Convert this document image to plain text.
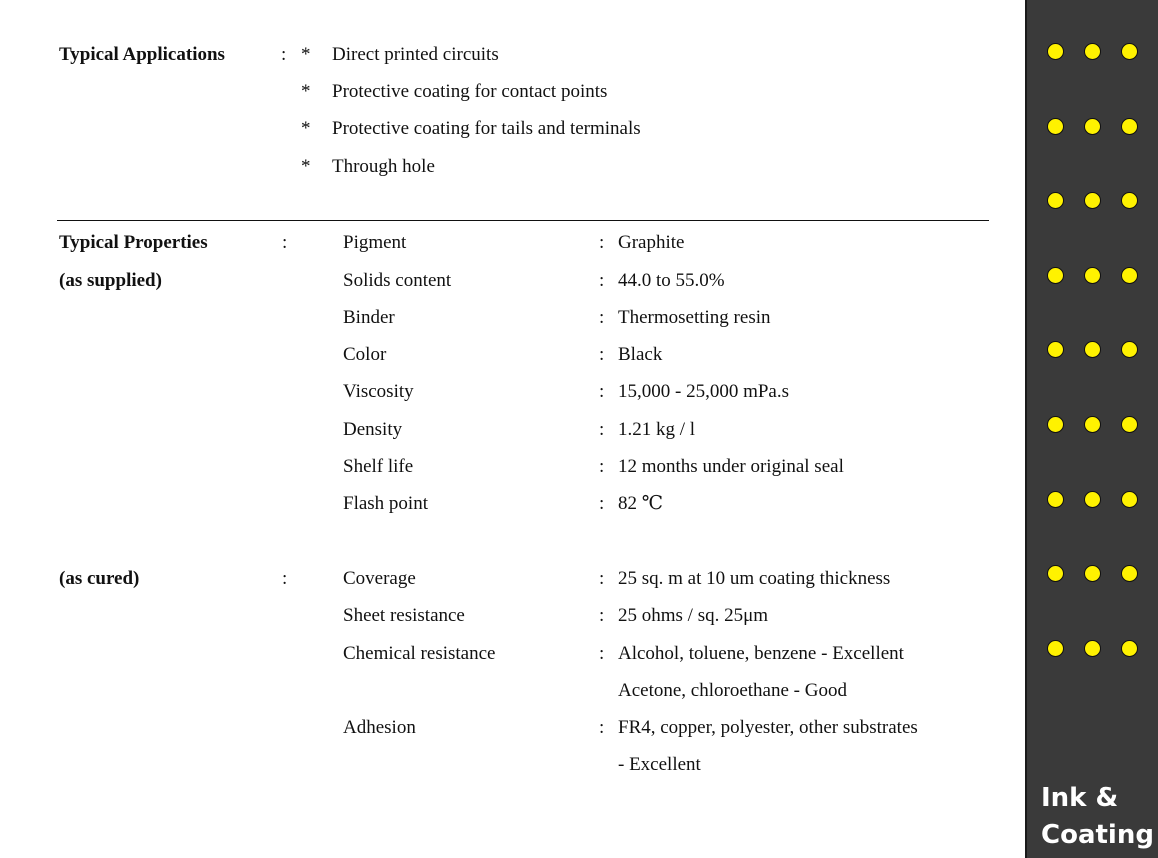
Typical Applications	: * Direct printed circuits
* Protective coating for contact points
* Protective coating for tails and terminals
* Through hole
Typical Properties	:
(as supplied)
Pigment	: Graphite
Solids content	: 44.0 to 55.0%
Binder	: Thermosetting resin
Color	: Black
Viscosity	: 15,000 - 25,000 mPa.s
Density	: 1.21 kg / l
Shelf life	: 12 months under original seal
Flash point	: 82 ℃
(as cured)	:	Coverage	: 25 sq. m at 10 um coating thickness
Sheet resistance	: 25 ohms / sq. 25μm
Chemical resistance	: Alcohol, toluene, benzene - Excellent
Acetone, chloroethane - Good
Adhesion	: FR4, copper, polyester, other substrates
- Excellent
Ink & Coating
